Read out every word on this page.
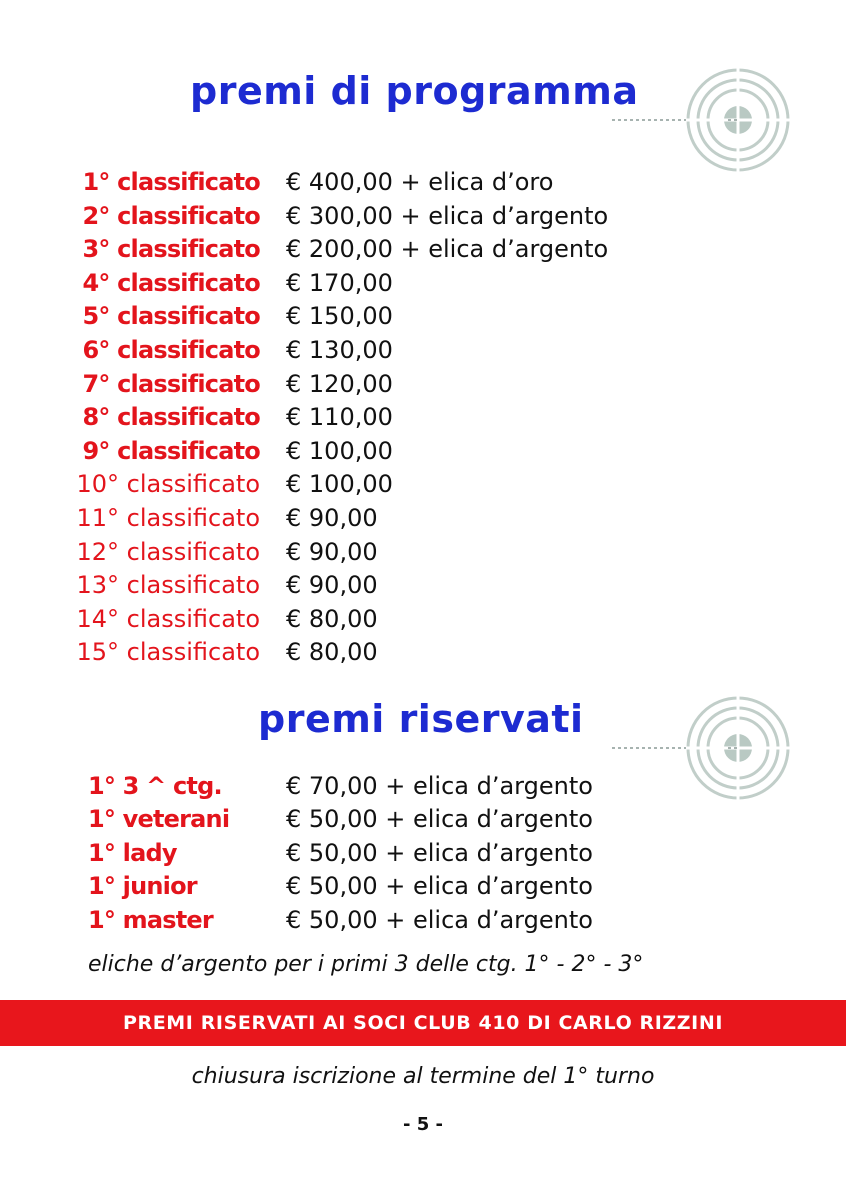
premi di programma
1° classificato € 400,00 + elica d’oro
2° classificato € 300,00 + elica d’argento
3° classificato € 200,00 + elica d’argento
4° classificato € 170,00
5° classificato € 150,00
6° classificato € 130,00
7° classificato € 120,00
8° classificato € 110,00
9° classificato € 100,00
10° classificato € 100,00
11° classificato € 90,00
12° classificato € 90,00
13° classificato € 90,00
14° classificato € 80,00
15° classificato € 80,00
premi riservati
1° 3 ^ ctg.	€ 70,00 + elica d’argento
1° veterani € 50,00 + elica d’argento
1° lady	€ 50,00 + elica d’argento
1° junior	€ 50,00 + elica d’argento
1° master	€ 50,00 + elica d’argento

eliche d’argento per i primi 3 delle ctg. 1° - 2° - 3°

PREMI RISERVATI AI SOCI CLUB 410 DI CARLO RIZZINI

chiusura iscrizione al termine del 1° turno

- 5 -
